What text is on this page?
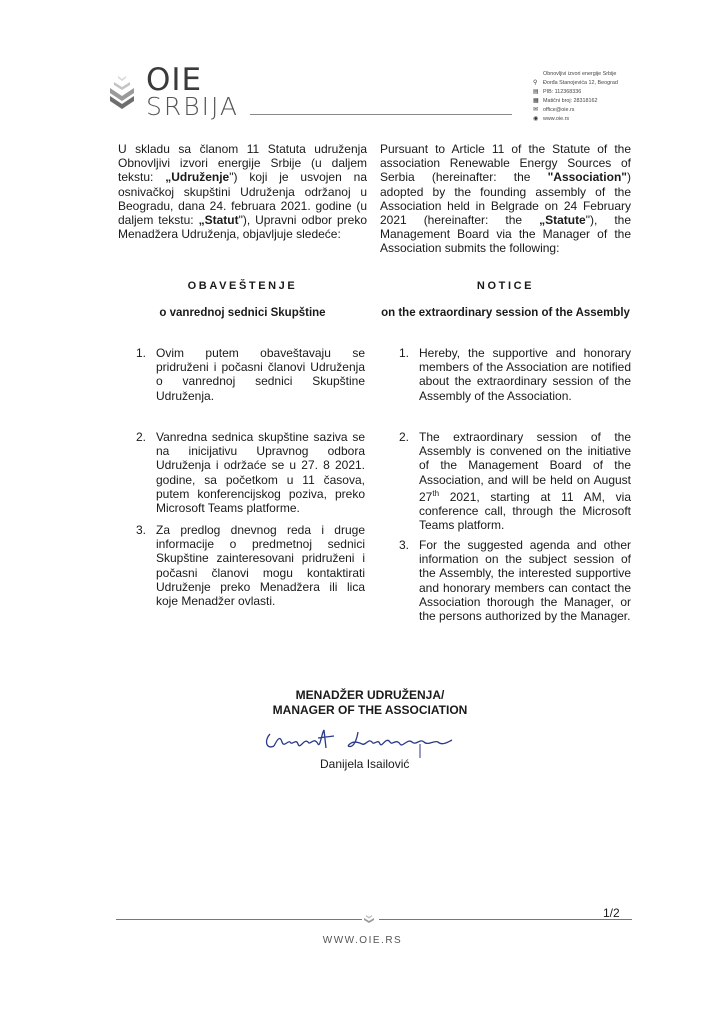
OIE
SRBIJA
Obnovljivi izvori energije Srbije
⚲	Đorđa Stanojevića 12, Beograd
▤ PIB: 112368336
▦ Matični broj: 28318162
✉ office@oie.rs
◉ www.oie.rs
U skladu sa članom 11 Statuta udruženja Obnovljivi izvori energije Srbije (u daljem tekstu: „Udruženje") koji je usvojen na osnivačkoj skupštini Udruženja održanoj u Beogradu, dana 24. februara 2021. godine (u daljem tekstu: „Statut"), Upravni odbor preko Menadžera Udruženja, objavljuje sledeće:
Pursuant to Article 11 of the Statute of the association Renewable Energy Sources of Serbia (hereinafter: the "Association") adopted by the founding assembly of the Association held in Belgrade on 24 February 2021 (hereinafter: the „Statute"), the Management Board via the Manager of the Association submits the following:
OBAVEŠTENJE	NOTICE
o vanrednoj sednici Skupštine	on the extraordinary session of the Assembly
1. Ovim putem obaveštavaju se pridruženi i počasni članovi Udruženja o vanrednoj sednici Skupštine Udruženja.
2. Vanredna sednica skupštine saziva se na inicijativu Upravnog odbora Udruženja i održaće se u 27. 8 2021. godine, sa početkom u 11 časova, putem konferencijskog poziva, preko Microsoft Teams platforme.
3. Za predlog dnevnog reda i druge informacije o predmetnoj sednici Skupštine zainteresovani pridruženi i počasni članovi mogu kontaktirati Udruženje preko Menadžera ili lica koje Menadžer ovlasti.
1. Hereby, the supportive and honorary members of the Association are notified about the extraordinary session of the Assembly of the Association.
2. The extraordinary session of the Assembly is convened on the initiative of the Management Board of the Association, and will be held on August 27th 2021, starting at 11 AM, via conference call, through the Microsoft Teams platform.
3. For the suggested agenda and other information on the subject session of the Assembly, the interested supportive and honorary members can contact the Association thorough the Manager, or the persons authorized by the Manager.
MENADŽER UDRUŽENJA/
MANAGER OF THE ASSOCIATION
Danijela Isailović
1/2
WWW.OIE.RS
